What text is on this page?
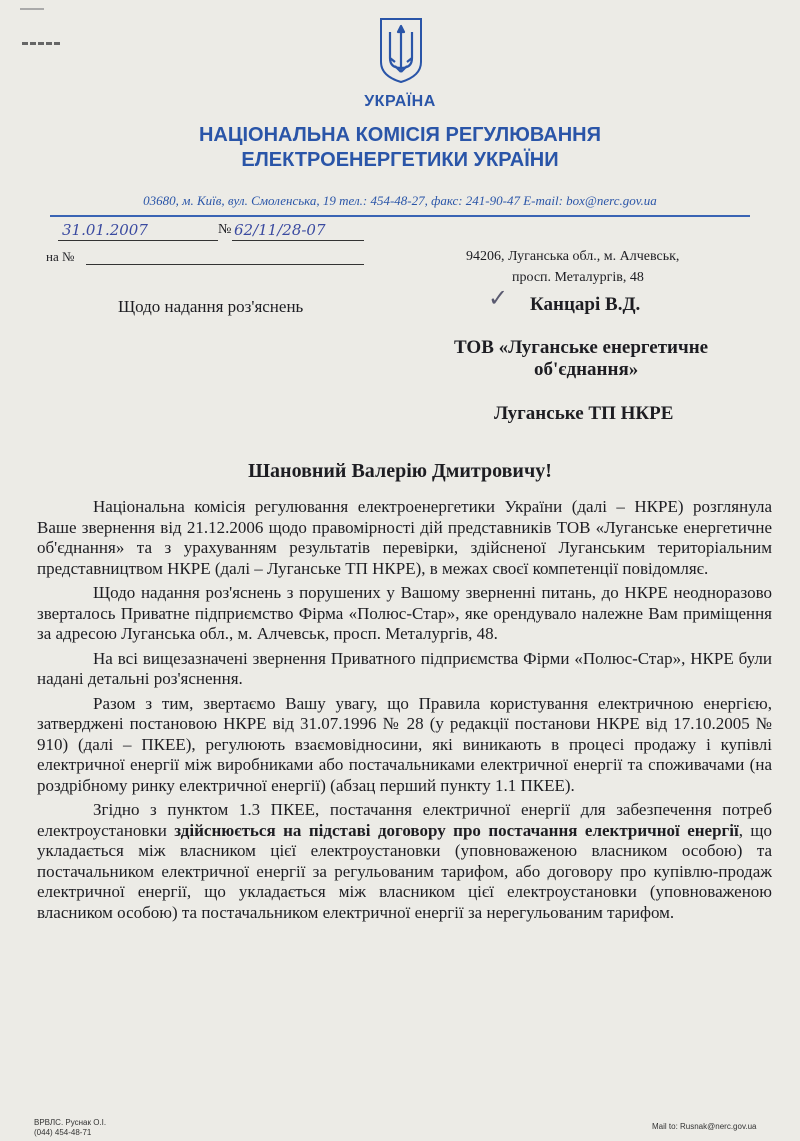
УКРАЇНА
НАЦІОНАЛЬНА КОМІСІЯ РЕГУЛЮВАННЯ
ЕЛЕКТРОЕНЕРГЕТИКИ УКРАЇНИ
03680, м. Київ, вул. Смоленська, 19 тел.: 454-48-27, факс: 241-90-47 E-mail: box@nerc.gov.ua
31.01.2007	№ 62/11/28-07
на №	94206, Луганська обл., м. Алчевськ,
просп. Металургів, 48
✓
Щодо надання роз'яснень	Канцарі В.Д.
ТОВ «Луганське енергетичне
об'єднання»
Луганське ТП НКРЕ
Шановний Валерію Дмитровичу!

Національна комісія регулювання електроенергетики України (далі – НКРЕ) розглянула Ваше звернення від 21.12.2006 щодо правомірності дій представників ТОВ «Луганське енергетичне об'єднання» та з урахуванням результатів перевірки, здійсненої Луганським територіальним представництвом НКРЕ (далі – Луганське ТП НКРЕ), в межах своєї компетенції повідомляє.

Щодо надання роз'яснень з порушених у Вашому зверненні питань, до НКРЕ неодноразово зверталось Приватне підприємство Фірма «Полюс-Стар», яке орендувало належне Вам приміщення за адресою Луганська обл., м. Алчевськ, просп. Металургів, 48.

На всі вищезазначені звернення Приватного підприємства Фірми «Полюс-Стар», НКРЕ були надані детальні роз'яснення.

Разом з тим, звертаємо Вашу увагу, що Правила користування електричною енергією, затверджені постановою НКРЕ від 31.07.1996 № 28 (у редакції постанови НКРЕ від 17.10.2005 № 910) (далі – ПКЕЕ), регулюють взаємовідносини, які виникають в процесі продажу і купівлі електричної енергії між виробниками або постачальниками електричної енергії та споживачами (на роздрібному ринку електричної енергії) (абзац перший пункту 1.1 ПКЕЕ).

Згідно з пунктом 1.3 ПКЕЕ, постачання електричної енергії для забезпечення потреб електроустановки здійснюється на підставі договору про постачання електричної енергії, що укладається між власником цієї електроустановки (уповноваженою власником особою) та постачальником електричної енергії за регульованим тарифом, або договору про купівлю-продаж електричної енергії, що укладається між власником цієї електроустановки (уповноваженою власником особою) та постачальником електричної енергії за нерегульованим тарифом.

ВРВЛС. Руснак О.І.
(044) 454-48-71
Mail to: Rusnak@nerc.gov.ua
